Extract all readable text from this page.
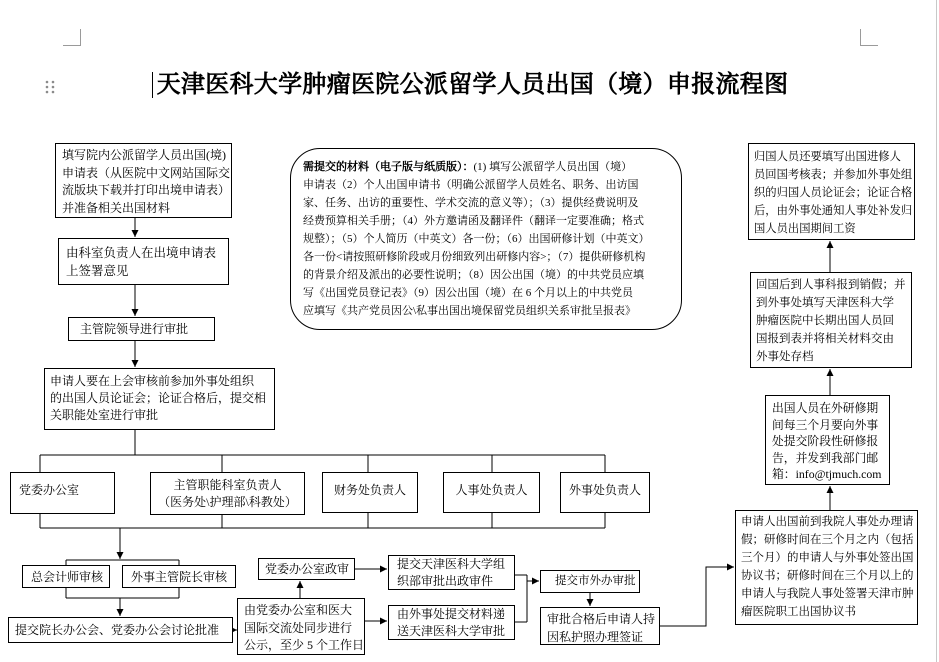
天津医科大学肿瘤医院公派留学人员出国（境）申报流程图
填写院内公派留学人员出国(境)
申请表（从医院中文网站国际交
流版块下载并打印出境申请表）
并准备相关出国材料
由科室负责人在出境申请表
上签署意见
主管院领导进行审批
申请人要在上会审核前参加外事处组织
的出国人员论证会；论证合格后，提交相
关职能处室进行审批
需提交的材料（电子版与纸质版）：(1) 填写公派留学人员出国（境）
申请表（2）个人出国申请书（明确公派留学人员姓名、职务、出访国
家、任务、出访的重要性、学术交流的意义等）；（3）提供经费说明及
经费预算相关手册；（4）外方邀请函及翻译件（翻译一定要准确；格式
规整）；（5）个人简历（中英文）各一份；（6）出国研修计划（中英文）
各一份<请按照研修阶段或月份细致列出研修内容>；（7）提供研修机构
的背景介绍及派出的必要性说明；（8）因公出国（境）的中共党员应填
写《出国党员登记表》（9）因公出国（境）在 6 个月以上的中共党员
应填写《共产党员因公\私事出国出境保留党员组织关系审批呈报表》
党委办公室	主管职能科室负责人
（医务处\护理部\科教处）
财务处负责人	人事处负责人	外事处负责人
总会计师审核	外事主管院长审核
提交院长办公会、党委办公会讨论批准
由党委办公室和医大
国际交流处同步进行
公示，至少 5 个工作日
党委办公室政审	提交天津医科大学组
织部审批出政审件
由外事处提交材料递
送天津医科大学审批
提交市外办审批
审批合格后申请人持
因私护照办理签证
申请人出国前到我院人事处办理请
假；研修时间在三个月之内（包括
三个月）的申请人与外事处签出国
协议书；研修时间在三个月以上的
申请人与我院人事处签署天津市肿
瘤医院职工出国协议书
出国人员在外研修期
间每三个月要向外事
处提交阶段性研修报
告，并发到我部门邮
箱：info@tjmuch.com
回国后到人事科报到销假；并
到外事处填写天津医科大学
肿瘤医院中长期出国人员回
国报到表并将相关材料交由
外事处存档
归国人员还要填写出国进修人
员回国考核表；并参加外事处组
织的归国人员论证会；论证合格
后，由外事处通知人事处补发归
国人员出国期间工资
